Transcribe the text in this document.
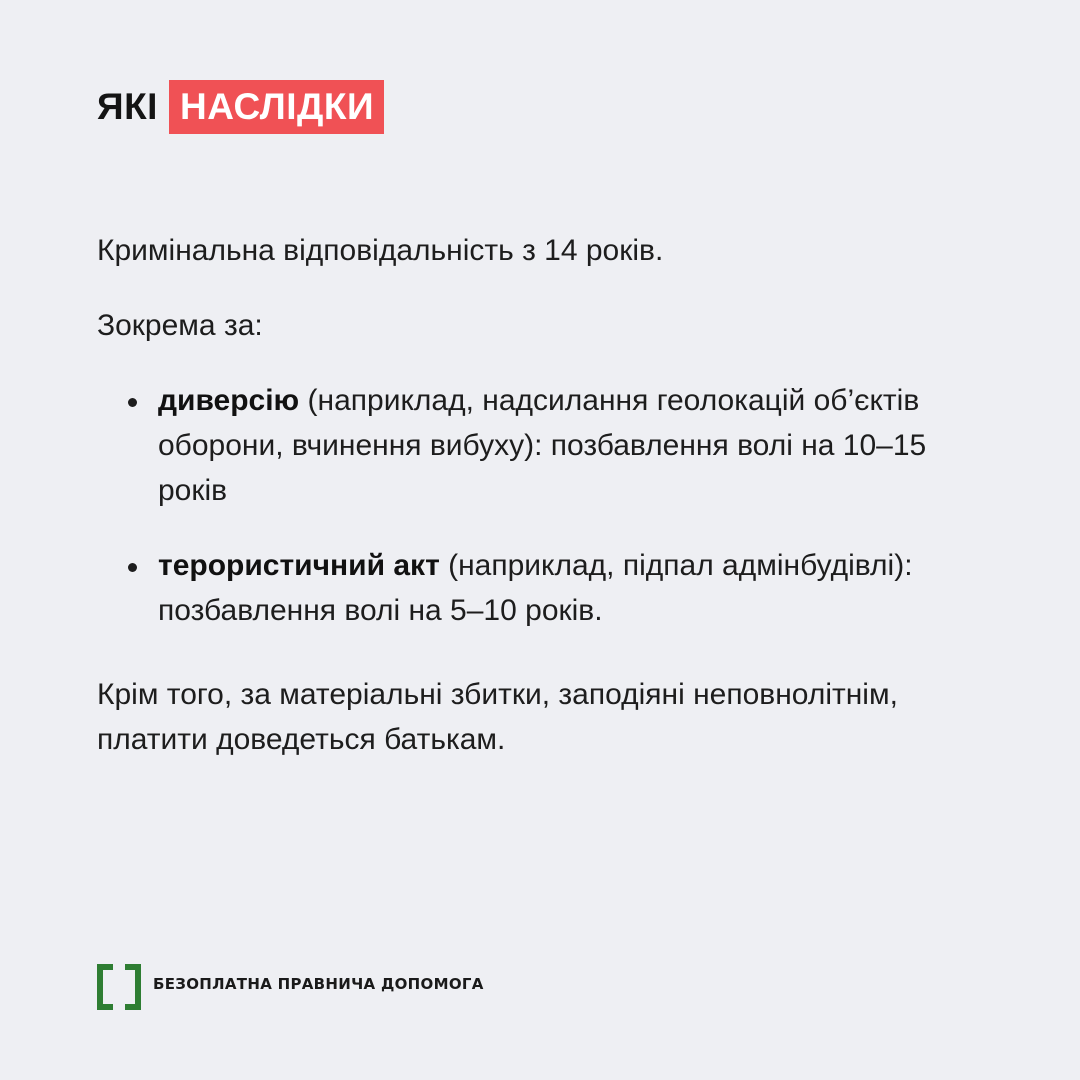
ЯКІ НАСЛІДКИ

Кримінальна відповідальність з 14 років.

Зокрема за:

диверсію (наприклад, надсилання геолокацій об’єктів оборони, вчинення вибуху): позбавлення волі на 10–15 років
терористичний акт (наприклад, підпал адмінбудівлі): позбавлення волі на 5–10 років.

Крім того, за матеріальні збитки, заподіяні неповнолітнім, платити доведеться батькам.

БЕЗОПЛАТНА ПРАВНИЧА ДОПОМОГА
